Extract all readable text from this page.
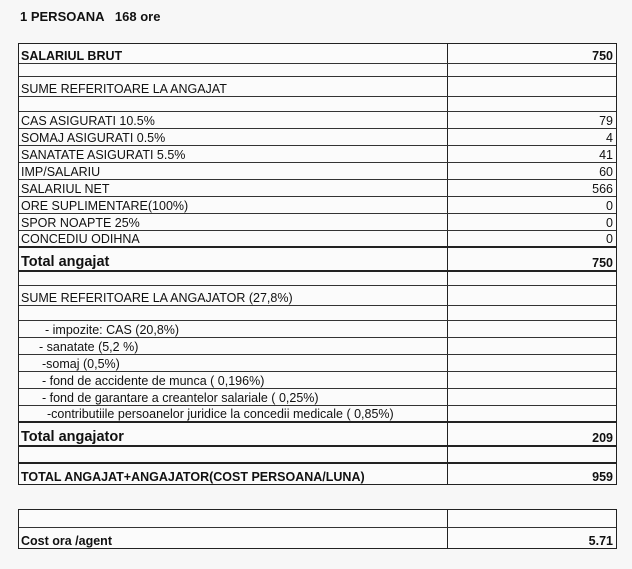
1 PERSOANA 168 ore
SALARIUL BRUT	750
SUME REFERITOARE LA ANGAJAT
CAS ASIGURATI 10.5%	79
SOMAJ ASIGURATI 0.5%	4
SANATATE ASIGURATI 5.5%	41
IMP/SALARIU	60
SALARIUL NET	566
ORE SUPLIMENTARE(100%)	0
SPOR NOAPTE 25%	0
CONCEDIU ODIHNA	0
Total angajat	750
SUME REFERITOARE LA ANGAJATOR (27,8%)
- impozite: CAS (20,8%)
- sanatate (5,2 %)
-somaj (0,5%)
- fond de accidente de munca ( 0,196%)
- fond de garantare a creantelor salariale ( 0,25%)
-contributiile persoanelor juridice la concedii medicale ( 0,85%)
Total angajator	209
TOTAL ANGAJAT+ANGAJATOR(COST PERSOANA/LUNA)	959
Cost ora /agent	5.71
